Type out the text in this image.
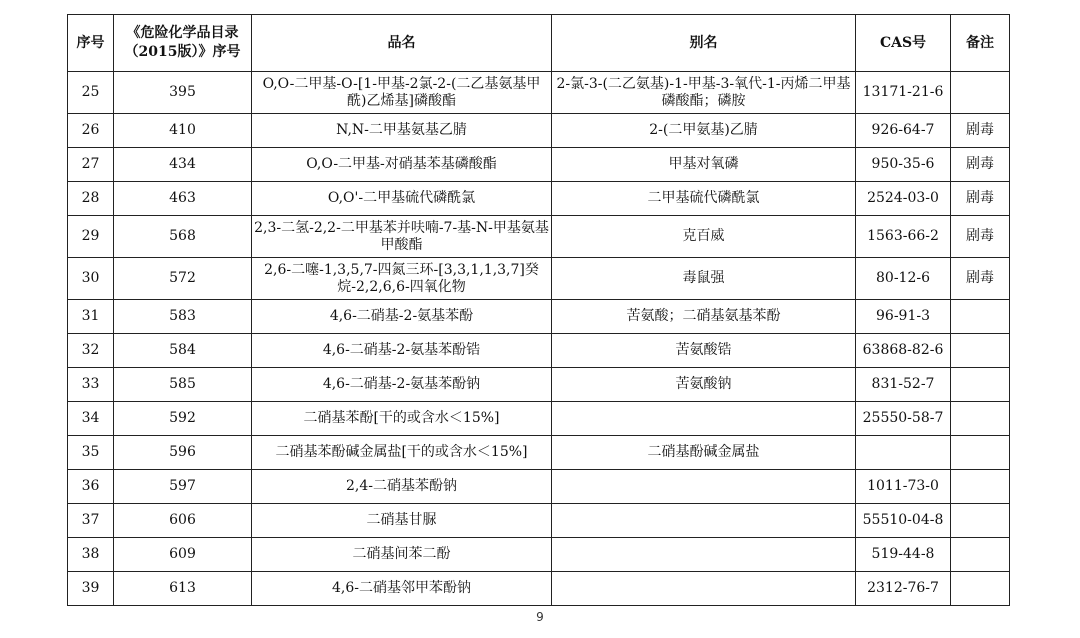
序号	《危险化学品目录（2015版）》序号	品名	别名	CAS号	备注
25	395	O,O-二甲基-O-[1-甲基-2氯-2-(二乙基氨基甲酰)乙烯基]磷酸酯	2-氯-3-(二乙氨基)-1-甲基-3-氧代-1-丙烯二甲基磷酸酯；磷胺	13171-21-6	
26	410	N,N-二甲基氨基乙腈	2-(二甲氨基)乙腈	926-64-7	剧毒
27	434	O,O-二甲基-对硝基苯基磷酸酯	甲基对氧磷	950-35-6	剧毒
28	463	O,O'-二甲基硫代磷酰氯	二甲基硫代磷酰氯	2524-03-0	剧毒
29	568	2,3-二氢-2,2-二甲基苯并呋喃-7-基-N-甲基氨基甲酸酯	克百威	1563-66-2	剧毒
30	572	2,6-二噻-1,3,5,7-四氮三环-[3,3,1,1,3,7]癸烷-2,2,6,6-四氧化物	毒鼠强	80-12-6	剧毒
31	583	4,6-二硝基-2-氨基苯酚	苦氨酸；二硝基氨基苯酚	96-91-3	
32	584	4,6-二硝基-2-氨基苯酚锆	苦氨酸锆	63868-82-6	
33	585	4,6-二硝基-2-氨基苯酚钠	苦氨酸钠	831-52-7	
34	592	二硝基苯酚[干的或含水＜15%]		25550-58-7	
35	596	二硝基苯酚碱金属盐[干的或含水＜15%]	二硝基酚碱金属盐		
36	597	2,4-二硝基苯酚钠		1011-73-0	
37	606	二硝基甘脲		55510-04-8	
38	609	二硝基间苯二酚		519-44-8	
39	613	4,6-二硝基邻甲苯酚钠		2312-76-7	
9
